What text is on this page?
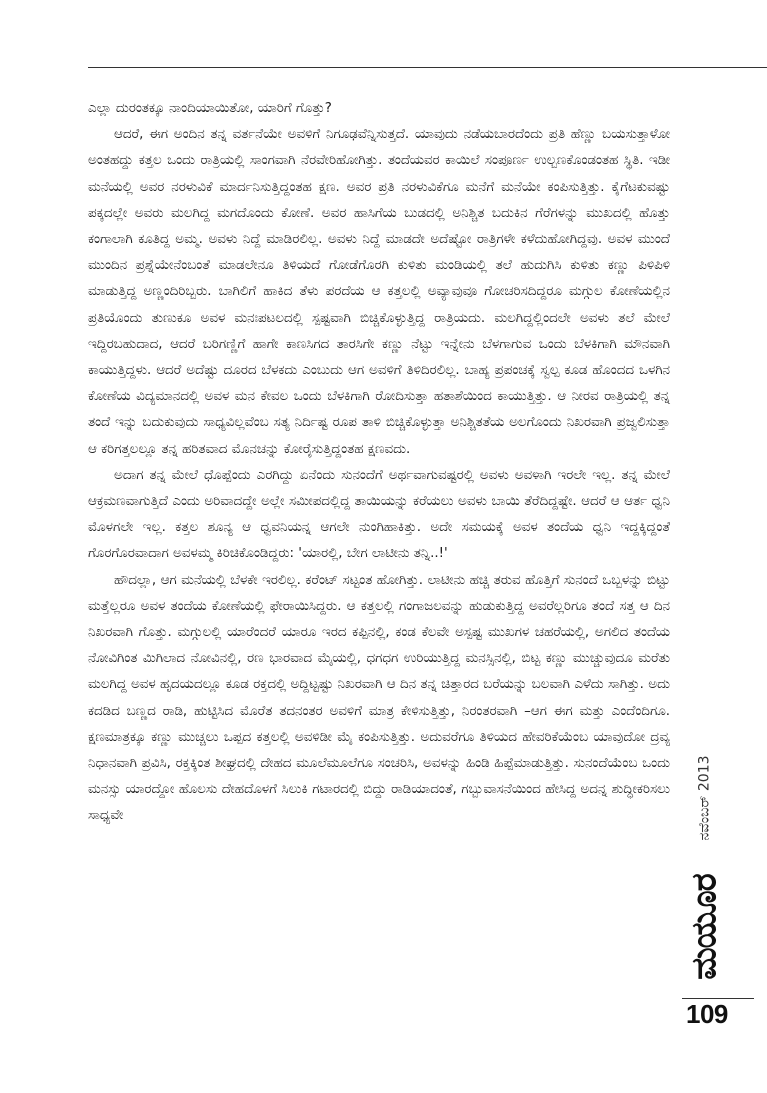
ಎಲ್ಲಾ ದುರಂತಕ್ಕೂ ನಾಂದಿಯಾಯಿತೋ, ಯಾರಿಗೆ ಗೊತ್ತು?

ಆದರೆ, ಈಗ ಅಂದಿನ ತನ್ನ ವರ್ತನೆಯೇ ಅವಳಿಗೆ ನಿಗೂಢವೆನ್ನಿಸುತ್ತದೆ. ಯಾವುದು ನಡೆಯಬಾರದೆಂದು ಪ್ರತಿ ಹೆಣ್ಣು ಬಯಸುತ್ತಾಳೋ ಅಂತಹದ್ದು ಕತ್ತಲ ಒಂದು ರಾತ್ರಿಯಲ್ಲಿ ಸಾಂಗವಾಗಿ ನೆರವೇರಿಹೋಗಿತ್ತು. ತಂದೆಯವರ ಕಾಯಿಲೆ ಸಂಪೂರ್ಣ ಉಲ್ಬಣಕೊಂಡಂತಹ ಸ್ಥಿತಿ. ಇಡೀ ಮನೆಯಲ್ಲಿ ಅವರ ನರಳುವಿಕೆ ಮಾರ್ದನಿಸುತ್ತಿದ್ದಂತಹ ಕ್ಷಣ. ಅವರ ಪ್ರತಿ ನರಳುವಿಕೆಗೂ ಮನೆಗೆ ಮನೆಯೇ ಕಂಪಿಸುತ್ತಿತ್ತು. ಕೈಗೆಟಕುವಷ್ಟು ಪಕ್ಕದಲ್ಲೇ ಅವರು ಮಲಗಿದ್ದ ಮಗದೊಂದು ಕೋಣೆ. ಅವರ ಹಾಸಿಗೆಯ ಬುಡದಲ್ಲಿ ಅನಿಶ್ಚಿತ ಬದುಕಿನ ಗೆರೆಗಳನ್ನು ಮುಖದಲ್ಲಿ ಹೊತ್ತು ಕಂಗಾಲಾಗಿ ಕೂತಿದ್ದ ಅಮ್ಮ. ಅವಳು ನಿದ್ದೆ ಮಾಡಿರಲಿಲ್ಲ. ಅವಳು ನಿದ್ದೆ ಮಾಡದೇ ಅದೆಷ್ಟೋ ರಾತ್ರಿಗಳೇ ಕಳೆದುಹೋಗಿದ್ದವು. ಅವಳ ಮುಂದೆ ಮುಂದಿನ ಪ್ರಶ್ನೆಯೇನೆಂಬಂತೆ ಮಾಡಲೇನೂ ತಿಳಿಯದೆ ಗೋಡೆಗೊರಗಿ ಕುಳಿತು ಮಂಡಿಯಲ್ಲಿ ತಲೆ ಹುದುಗಿಸಿ ಕುಳಿತು ಕಣ್ಣು ಪಿಳಿಪಿಳಿ ಮಾಡುತ್ತಿದ್ದ ಅಣ್ಣಂದಿರಿಬ್ಬರು. ಬಾಗಿಲಿಗೆ ಹಾಕಿದ ತೆಳು ಪರದೆಯ ಆ ಕತ್ತಲಲ್ಲಿ ಅವ್ಯಾವುವೂ ಗೋಚರಿಸದಿದ್ದರೂ ಮಗ್ಗುಲ ಕೋಣೆಯಲ್ಲಿನ ಪ್ರತಿಯೊಂದು ತುಣುಕೂ ಅವಳ ಮನಃಪಟಲದಲ್ಲಿ ಸ್ಪಷ್ಟವಾಗಿ ಬಿಚ್ಚಿಕೊಳ್ಳುತ್ತಿದ್ದ ರಾತ್ರಿಯದು. ಮಲಗಿದ್ದಲ್ಲಿಂದಲೇ ಅವಳು ತಲೆ ಮೇಲೆ ಇದ್ದಿರಬಹುದಾದ, ಆದರೆ ಬರಿಗಣ್ಣಿಗೆ ಹಾಗೇ ಕಾಣಸಿಗದ ತಾರಸಿಗೇ ಕಣ್ಣು ನೆಟ್ಟು ಇನ್ನೇನು ಬೆಳಗಾಗುವ ಒಂದು ಬೆಳಕಿಗಾಗಿ ಮೌನವಾಗಿ ಕಾಯುತ್ತಿದ್ದಳು. ಆದರೆ ಅದೆಷ್ಟು ದೂರದ ಬೆಳಕದು ಎಂಬುದು ಆಗ ಅವಳಿಗೆ ತಿಳಿದಿರಲಿಲ್ಲ. ಬಾಹ್ಯ ಪ್ರಪಂಚಕ್ಕೆ ಸ್ವಲ್ಪ ಕೂಡ ಹೊಂದದ ಒಳಗಿನ ಕೋಣೆಯ ವಿದ್ಯಮಾನದಲ್ಲಿ ಅವಳ ಮನ ಕೇವಲ ಒಂದು ಬೆಳಕಿಗಾಗಿ ರೋದಿಸುತ್ತಾ ಹತಾಶೆಯಿಂದ ಕಾಯುತ್ತಿತ್ತು. ಆ ನೀರವ ರಾತ್ರಿಯಲ್ಲಿ ತನ್ನ ತಂದೆ ಇನ್ನು ಬದುಕುವುದು ಸಾಧ್ಯವಿಲ್ಲವೆಂಬ ಸತ್ಯ ನಿರ್ದಿಷ್ಟ ರೂಪ ತಾಳಿ ಬಿಚ್ಚಿಕೊಳ್ಳುತ್ತಾ ಅನಿಶ್ಚಿತತೆಯ ಅಲಗೊಂದು ನಿಖರವಾಗಿ ಪ್ರಜ್ವಲಿಸುತ್ತಾ ಆ ಕರಿಗತ್ತಲಲ್ಲೂ ತನ್ನ ಹರಿತವಾದ ಮೊನಚನ್ನು ಕೋರೈಸುತ್ತಿದ್ದಂತಹ ಕ್ಷಣವದು.

ಅದಾಗ ತನ್ನ ಮೇಲೆ ಧೊಪ್ಪೆಂದು ಎರಗಿದ್ದು ಏನೆಂದು ಸುನಂದೆಗೆ ಅರ್ಥವಾಗುವಷ್ಟರಲ್ಲಿ ಅವಳು ಅವಳಾಗಿ ಇರಲೇ ಇಲ್ಲ. ತನ್ನ ಮೇಲೆ ಆಕ್ರಮಣವಾಗುತ್ತಿದೆ ಎಂದು ಅರಿವಾದದ್ದೇ ಅಲ್ಲೇ ಸಮೀಪದಲ್ಲಿದ್ದ ತಾಯಿಯನ್ನು ಕರೆಯಲು ಅವಳು ಬಾಯಿ ತೆರೆದಿದ್ದಷ್ಟೇ. ಆದರೆ ಆ ಆರ್ತ ಧ್ವನಿ ಮೊಳಗಲೇ ಇಲ್ಲ. ಕತ್ತಲ ಶೂನ್ಯ ಆ ಧ್ವವನಿಯನ್ನ ಆಗಲೇ ನುಂಗಿಹಾಕಿತ್ತು. ಅದೇ ಸಮಯಕ್ಕೆ ಅವಳ ತಂದೆಯ ಧ್ವನಿ ಇದ್ದಕ್ಕಿದ್ದಂತೆ ಗೊರಗೊರವಾದಾಗ ಅವಳಮ್ಮ ಕಿರಿಚಿಕೊಂಡಿದ್ದರು: 'ಯಾರಲ್ಲಿ, ಬೇಗ ಲಾಟೀನು ತನ್ನಿ..!'

ಹೌದಲ್ಲಾ, ಆಗ ಮನೆಯಲ್ಲಿ ಬೆಳಕೇ ಇರಲಿಲ್ಲ. ಕರೆಂಟ್ ಸಟ್ಟಂತ ಹೋಗಿತ್ತು. ಲಾಟೀನು ಹಚ್ಚಿ ತರುವ ಹೊತ್ತಿಗೆ ಸುನಂದೆ ಒಬ್ಬಳನ್ನು ಬಿಟ್ಟು ಮತ್ತೆಲ್ಲರೂ ಅವಳ ತಂದೆಯ ಕೋಣೆಯಲ್ಲಿ ಫೇರಾಯಿಸಿದ್ದರು. ಆ ಕತ್ತಲಲ್ಲಿ ಗಂಗಾಜಲವನ್ನು ಹುಡುಕುತ್ತಿದ್ದ ಅವರೆಲ್ಲರಿಗೂ ತಂದೆ ಸತ್ತ ಆ ದಿನ ನಿಖರವಾಗಿ ಗೊತ್ತು. ಮಗ್ಗುಲಲ್ಲಿ ಯಾರೆಂದರೆ ಯಾರೂ ಇರದ ಕಪ್ಪಿನಲ್ಲಿ, ಕಂಡ ಕೆಲವೇ ಅಸ್ಪಷ್ಟ ಮುಖಗಳ ಚಹರೆಯಲ್ಲಿ, ಅಗಲಿದ ತಂದೆಯ ನೋವಿಗಿಂತ ಮಿಗಿಲಾದ ನೋವಿನಲ್ಲಿ, ರಣ ಭಾರವಾದ ಮೈಯಲ್ಲಿ, ಧಗಧಗ ಉರಿಯುತ್ತಿದ್ದ ಮನಸ್ಸಿನಲ್ಲಿ, ಬಿಟ್ಟ ಕಣ್ಣು ಮುಚ್ಚುವುದೂ ಮರೆತು ಮಲಗಿದ್ದ ಅವಳ ಹೃದಯದಲ್ಲೂ ಕೂಡ ರಕ್ತದಲ್ಲಿ ಅದ್ದಿಟ್ಟಷ್ಟು ನಿಖರವಾಗಿ ಆ ದಿನ ತನ್ನ ಚಿತ್ತಾರದ ಬರೆಯನ್ನು ಬಲವಾಗಿ ಎಳೆದು ಸಾಗಿತ್ತು. ಅದು ಕದಡಿದ ಬಣ್ಣದ ರಾಡಿ, ಹುಟ್ಟಿಸಿದ ಮೊರೆತ ತದನಂತರ ಅವಳಿಗೆ ಮಾತ್ರ ಕೇಳಿಸುತ್ತಿತ್ತು, ನಿರಂತರವಾಗಿ –ಆಗ ಈಗ ಮತ್ತು ಎಂದೆಂದಿಗೂ. ಕ್ಷಣಮಾತ್ರಕ್ಕೂ ಕಣ್ಣು ಮುಚ್ಚಲು ಒಪ್ಪದ ಕತ್ತಲಲ್ಲಿ ಅವಳಿಡೀ ಮೈ ಕಂಪಿಸುತ್ತಿತ್ತು. ಅದುವರೆಗೂ ತಿಳಿಯದ ಹೇವರಿಕೆಯೆಂಬ ಯಾವುದೋ ದ್ರವ್ಯ ನಿಧಾನವಾಗಿ ಪ್ರವಿಸಿ, ರಕ್ತಕ್ಕಿಂತ ಶೀಘ್ರದಲ್ಲಿ ದೇಹದ ಮೂಲೆಮೂಲೆಗೂ ಸಂಚರಿಸಿ, ಅವಳನ್ನು ಹಿಂಡಿ ಹಿಪ್ಪೆಮಾಡುತ್ತಿತ್ತು. ಸುನಂದೆಯೆಂಬ ಒಂದು ಮನಸ್ಸು ಯಾರದ್ದೋ ಹೊಲಸು ದೇಹದೊಳಗೆ ಸಿಲುಕಿ ಗಟಾರದಲ್ಲಿ ಬಿದ್ದು ರಾಡಿಯಾದಂತೆ, ಗಬ್ಬುವಾಸನೆಯಿಂದ ಹೇಸಿದ್ದ ಅದನ್ನ ಶುದ್ಧೀಕರಿಸಲು ಸಾಧ್ಯವೇ	ನವೆಂಬರ್ 2013
ಮಯೂರ
109
